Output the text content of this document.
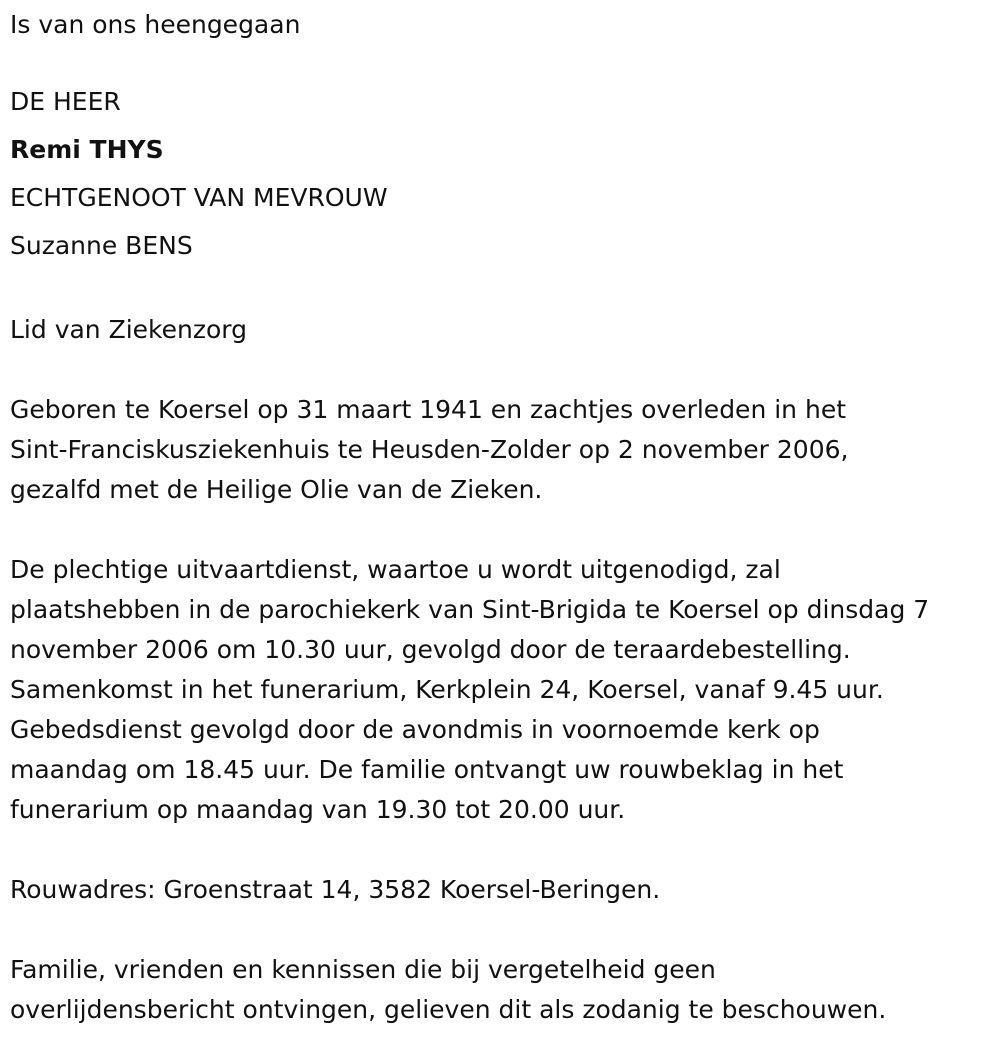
Is van ons heengegaan
DE HEER
Remi THYS
ECHTGENOOT VAN MEVROUW
Suzanne BENS
Lid van Ziekenzorg
Geboren te Koersel op 31 maart 1941 en zachtjes overleden in het
Sint-Franciskusziekenhuis te Heusden-Zolder op 2 november 2006,
gezalfd met de Heilige Olie van de Zieken.
De plechtige uitvaartdienst, waartoe u wordt uitgenodigd, zal
plaatshebben in de parochiekerk van Sint-Brigida te Koersel op dinsdag 7
november 2006 om 10.30 uur, gevolgd door de teraardebestelling.
Samenkomst in het funerarium, Kerkplein 24, Koersel, vanaf 9.45 uur.
Gebedsdienst gevolgd door de avondmis in voornoemde kerk op
maandag om 18.45 uur. De familie ontvangt uw rouwbeklag in het
funerarium op maandag van 19.30 tot 20.00 uur.
Rouwadres: Groenstraat 14, 3582 Koersel-Beringen.
Familie, vrienden en kennissen die bij vergetelheid geen
overlijdensbericht ontvingen, gelieven dit als zodanig te beschouwen.
